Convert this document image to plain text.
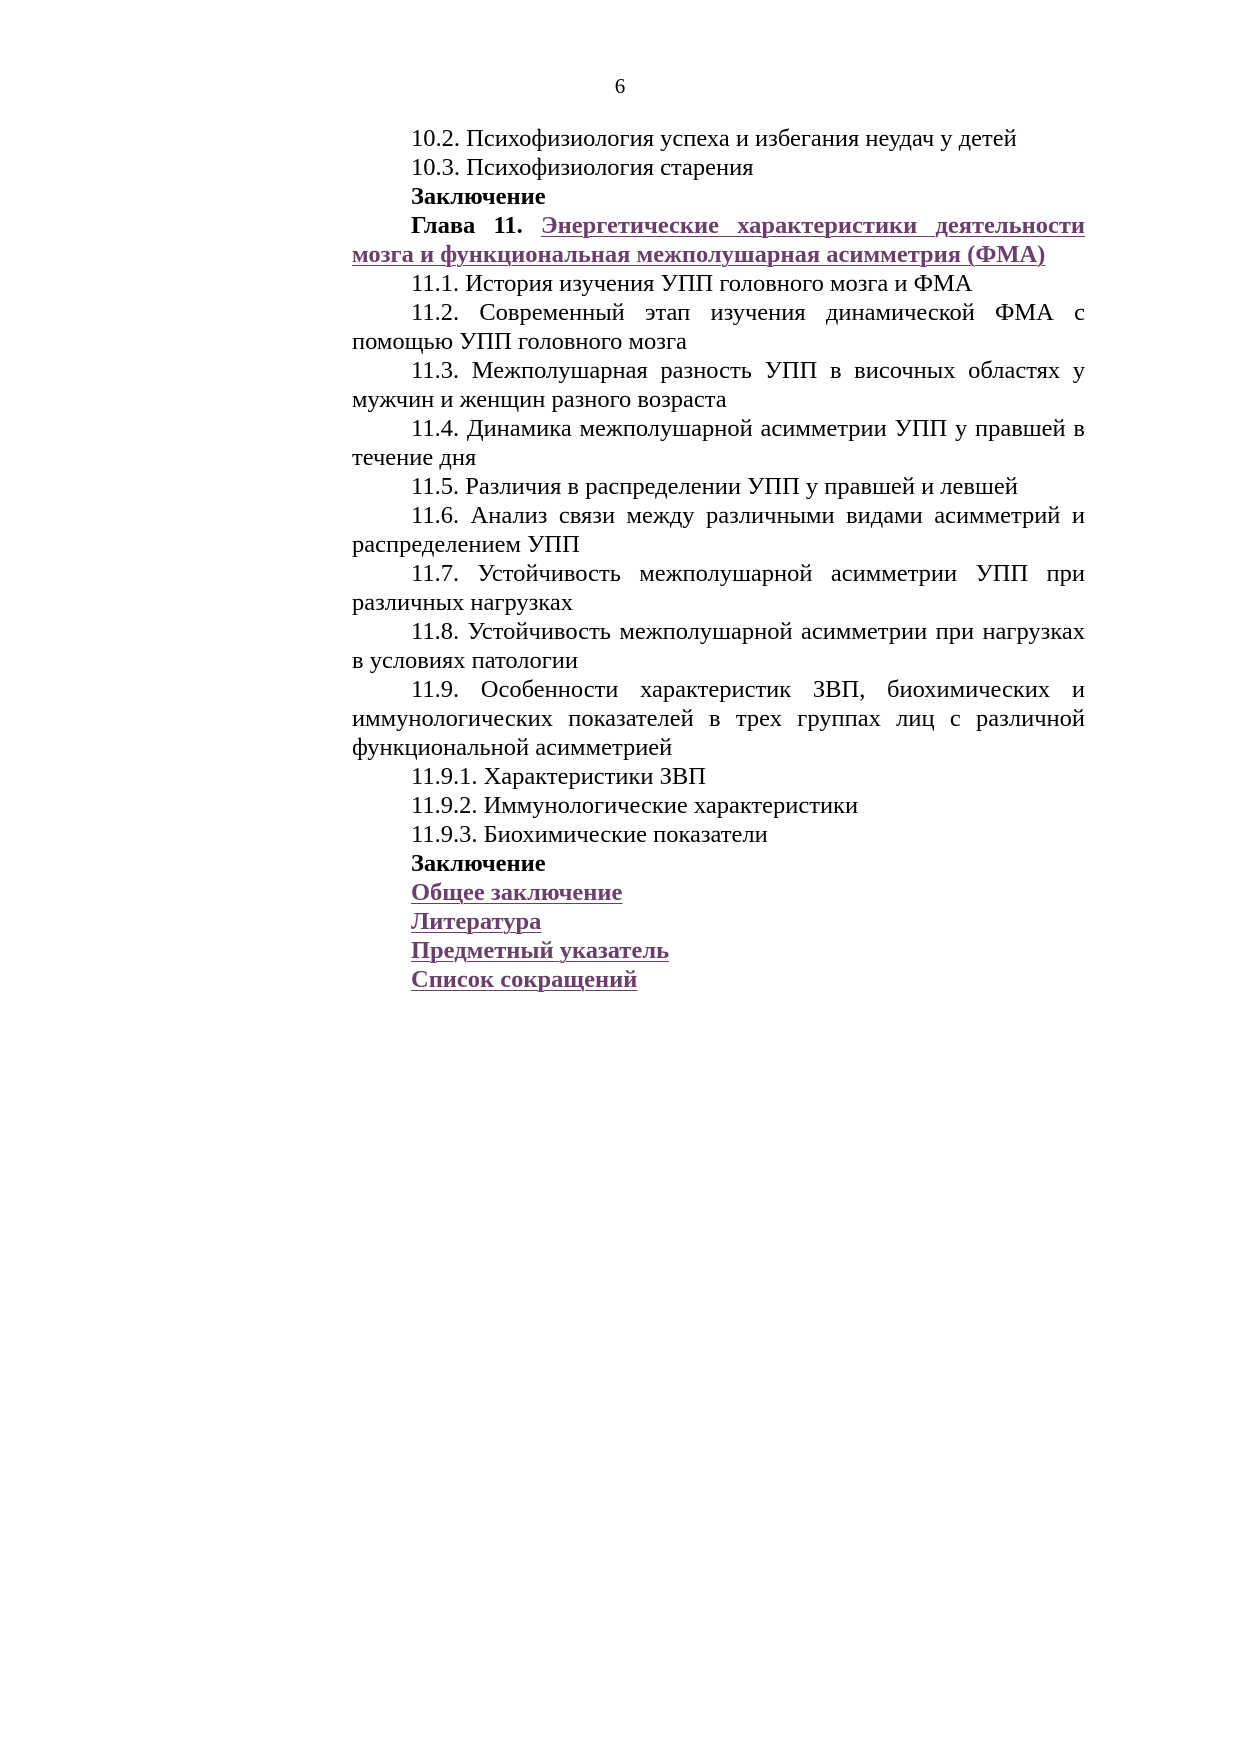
6
10.2. Психофизиология успеха и избегания неудач у детей
10.3. Психофизиология старения
Заключение
Глава 11. Энергетические характеристики деятельности мозга и функциональная межполушарная асимметрия (ФМА)
11.1. История изучения УПП головного мозга и ФМА
11.2. Современный этап изучения динамической ФМА с помощью УПП головного мозга
11.3. Межполушарная разность УПП в височных областях у мужчин и женщин разного возраста
11.4. Динамика межполушарной асимметрии УПП у правшей в течение дня
11.5. Различия в распределении УПП у правшей и левшей
11.6. Анализ связи между различными видами асимметрий и распределением УПП
11.7. Устойчивость межполушарной асимметрии УПП при различных нагрузках
11.8. Устойчивость межполушарной асимметрии при нагрузках в условиях патологии
11.9. Особенности характеристик ЗВП, биохимических и иммунологических показателей в трех группах лиц с различной функциональной асимметрией
11.9.1. Характеристики ЗВП
11.9.2. Иммунологические характеристики
11.9.3. Биохимические показатели
Заключение
Общее заключение
Литература
Предметный указатель
Список сокращений
